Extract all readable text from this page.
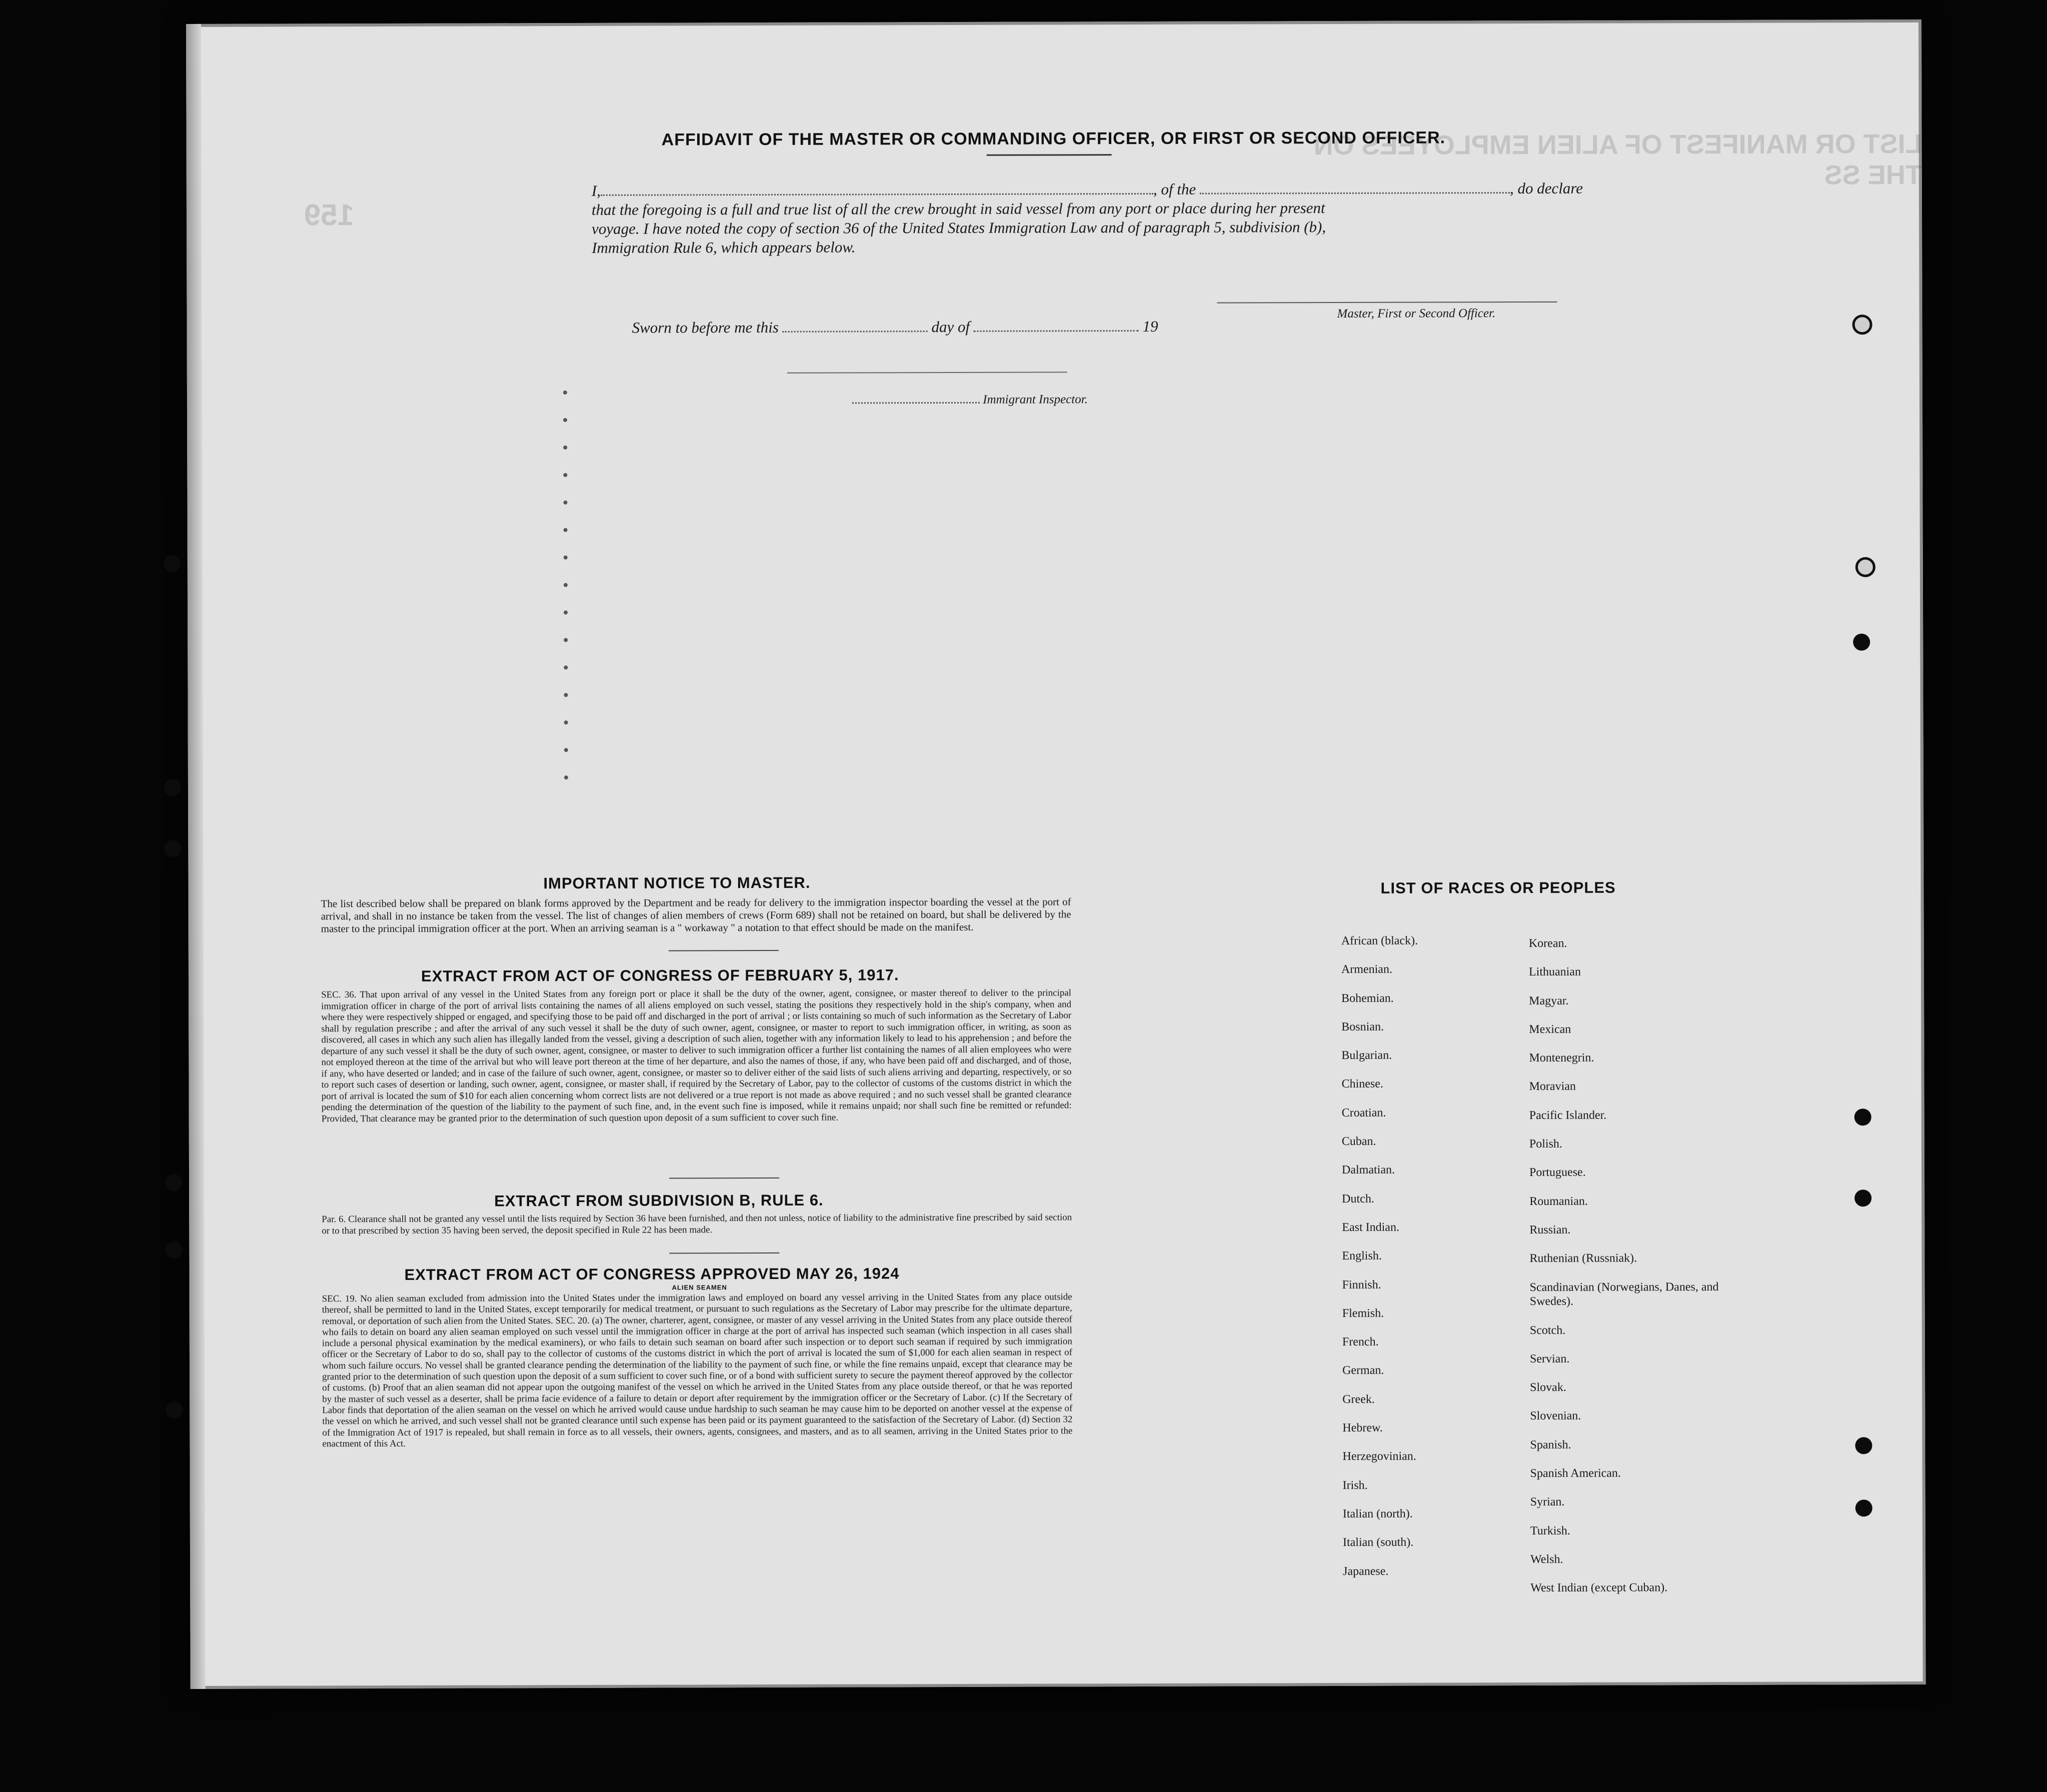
LIST OR MANIFEST OF ALIEN EMPLOYEES ON THE SS
159
AFFIDAVIT OF THE MASTER OR COMMANDING OFFICER, OR FIRST OR SECOND OFFICER.
I,	, of the	, do declare
that the foregoing is a full and true list of all the crew brought in said vessel from any port or place during her present
voyage. I have noted the copy of section 36 of the United States Immigration Law and of paragraph 5, subdivision (b),
Immigration Rule 6, which appears below.
Master, First or Second Officer.
Sworn to before me this	day of	19
Immigrant Inspector.
IMPORTANT NOTICE TO MASTER.
The list described below shall be prepared on blank forms approved by the Department and be ready for delivery to the immigration inspector boarding the vessel at the port of arrival, and shall in no instance be taken from the vessel. The list of changes of alien members of crews (Form 689) shall not be retained on board, but shall be delivered by the master to the principal immigration officer at the port. When an arriving seaman is a " workaway " a notation to that effect should be made on the manifest.
EXTRACT FROM ACT OF CONGRESS OF FEBRUARY 5, 1917.
SEC. 36. That upon arrival of any vessel in the United States from any foreign port or place it shall be the duty of the owner, agent, consignee, or master thereof to deliver to the principal immigration officer in charge of the port of arrival lists containing the names of all aliens employed on such vessel, stating the positions they respectively hold in the ship's company, when and where they were respectively shipped or engaged, and specifying those to be paid off and discharged in the port of arrival ; or lists containing so much of such information as the Secretary of Labor shall by regulation prescribe ; and after the arrival of any such vessel it shall be the duty of such owner, agent, consignee, or master to report to such immigration officer, in writing, as soon as discovered, all cases in which any such alien has illegally landed from the vessel, giving a description of such alien, together with any information likely to lead to his apprehension ; and before the departure of any such vessel it shall be the duty of such owner, agent, consignee, or master to deliver to such immigration officer a further list containing the names of all alien employees who were not employed thereon at the time of the arrival but who will leave port thereon at the time of her departure, and also the names of those, if any, who have been paid off and discharged, and of those, if any, who have deserted or landed; and in case of the failure of such owner, agent, consignee, or master so to deliver either of the said lists of such aliens arriving and departing, respectively, or so to report such cases of desertion or landing, such owner, agent, consignee, or master shall, if required by the Secretary of Labor, pay to the collector of customs of the customs district in which the port of arrival is located the sum of $10 for each alien concerning whom correct lists are not delivered or a true report is not made as above required ; and no such vessel shall be granted clearance pending the determination of the question of the liability to the payment of such fine, and, in the event such fine is imposed, while it remains unpaid; nor shall such fine be remitted or refunded: Provided, That clearance may be granted prior to the determination of such question upon deposit of a sum sufficient to cover such fine.
EXTRACT FROM SUBDIVISION B, RULE 6.
Par. 6. Clearance shall not be granted any vessel until the lists required by Section 36 have been furnished, and then not unless, notice of liability to the administrative fine prescribed by said section or to that prescribed by section 35 having been served, the deposit specified in Rule 22 has been made.
EXTRACT FROM ACT OF CONGRESS APPROVED MAY 26, 1924
ALIEN SEAMEN
SEC. 19. No alien seaman excluded from admission into the United States under the immigration laws and employed on board any vessel arriving in the United States from any place outside thereof, shall be permitted to land in the United States, except temporarily for medical treatment, or pursuant to such regulations as the Secretary of Labor may prescribe for the ultimate departure, removal, or deportation of such alien from the United States. SEC. 20. (a) The owner, charterer, agent, consignee, or master of any vessel arriving in the United States from any place outside thereof who fails to detain on board any alien seaman employed on such vessel until the immigration officer in charge at the port of arrival has inspected such seaman (which inspection in all cases shall include a personal physical examination by the medical examiners), or who fails to detain such seaman on board after such inspection or to deport such seaman if required by such immigration officer or the Secretary of Labor to do so, shall pay to the collector of customs of the customs district in which the port of arrival is located the sum of $1,000 for each alien seaman in respect of whom such failure occurs. No vessel shall be granted clearance pending the determination of the liability to the payment of such fine, or while the fine remains unpaid, except that clearance may be granted prior to the determination of such question upon the deposit of a sum sufficient to cover such fine, or of a bond with sufficient surety to secure the payment thereof approved by the collector of customs. (b) Proof that an alien seaman did not appear upon the outgoing manifest of the vessel on which he arrived in the United States from any place outside thereof, or that he was reported by the master of such vessel as a deserter, shall be prima facie evidence of a failure to detain or deport after requirement by the immigration officer or the Secretary of Labor. (c) If the Secretary of Labor finds that deportation of the alien seaman on the vessel on which he arrived would cause undue hardship to such seaman he may cause him to be deported on another vessel at the expense of the vessel on which he arrived, and such vessel shall not be granted clearance until such expense has been paid or its payment guaranteed to the satisfaction of the Secretary of Labor. (d) Section 32 of the Immigration Act of 1917 is repealed, but shall remain in force as to all vessels, their owners, agents, consignees, and masters, and as to all seamen, arriving in the United States prior to the enactment of this Act.
LIST OF RACES OR PEOPLES
African (black).
Armenian.
Bohemian.
Bosnian.
Bulgarian.
Chinese.
Croatian.
Cuban.
Dalmatian.
Dutch.
East Indian.
English.
Finnish.
Flemish.
French.
German.
Greek.
Hebrew.
Herzegovinian.
Irish.
Italian (north).
Italian (south).
Japanese.
Korean.
Lithuanian
Magyar.
Mexican
Montenegrin.
Moravian
Pacific Islander.
Polish.
Portuguese.
Roumanian.
Russian.
Ruthenian (Russniak).
Scandinavian (Norwegians, Danes, and Swedes).
Scotch.
Servian.
Slovak.
Slovenian.
Spanish.
Spanish American.
Syrian.
Turkish.
Welsh.
West Indian (except Cuban).
